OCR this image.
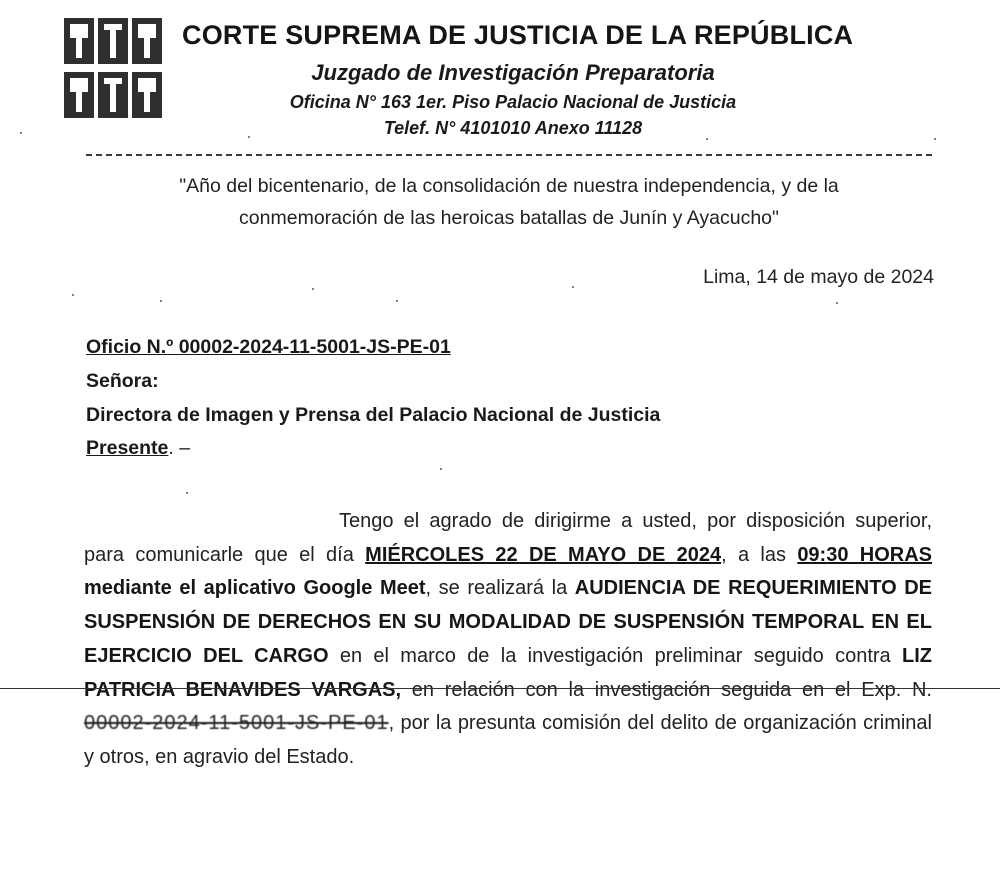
CORTE SUPREMA DE JUSTICIA DE LA REPÚBLICA
Juzgado de Investigación Preparatoria
Oficina N° 163 1er. Piso Palacio Nacional de Justicia
Telef. N° 4101010 Anexo 11128
"Año del bicentenario, de la consolidación de nuestra independencia, y de la
conmemoración de las heroicas batallas de Junín y Ayacucho"
Lima, 14 de mayo de 2024
Oficio N.º 00002-2024-11-5001-JS-PE-01
Señora:
Directora de Imagen y Prensa del Palacio Nacional de Justicia
Presente. –
Tengo el agrado de dirigirme a usted, por disposición superior, para comunicarle que el día MIÉRCOLES 22 DE MAYO DE 2024, a las 09:30 HORAS mediante el aplicativo Google Meet, se realizará la AUDIENCIA DE REQUERIMIENTO DE SUSPENSIÓN DE DERECHOS EN SU MODALIDAD DE SUSPENSIÓN TEMPORAL EN EL EJERCICIO DEL CARGO en el marco de la investigación preliminar seguido contra LIZ PATRICIA BENAVIDES VARGAS, en relación con la investigación seguida en el Exp. N. 00002-2024-11-5001-JS-PE-01, por la presunta comisión del delito de organización criminal y otros, en agravio del Estado.
